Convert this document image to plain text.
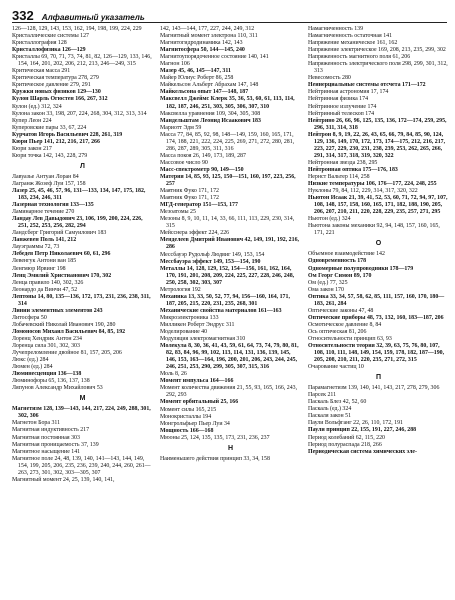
332 Алфавитный указатель
126—128, 129, 143, 153, 162, 194, 198, 199, 224, 229
Кристаллические системы 127
Кристаллография 128
Кристаллофизика 126—129
Кристаллы 69, 70, 71, 73, 74, 81, 82, 126—129, 133, 146, 154, 164, 201, 202, 206, 212, 213, 246—249, 315
Критическая масса 291
Критическая температура 278, 279
Критическое давление 279, 291
Кружки новых физиков 129—130
Кулон Шарль Огюстен 166, 267, 312
Кулон (ед.) 312, 324
Кулона закон 33, 198, 207, 224, 268, 304, 312, 313, 314
Купер Леон 224
Куперовские пары 33, 67, 224
Курчатов Игорь Васильевич 228, 261, 319
Кюри Пьер 141, 212, 216, 217, 266
Кюри закон 217
Кюри точка 142, 143, 228, 279
Л
Лавуазье Антуан Лоран 84
Лагранж Жозеф Луи 157, 158
Лазер 25, 45, 46, 57, 96, 131—133, 134, 147, 175, 182, 183, 234, 246, 311
Лазерная технология 133—135
Ламинарное течение 270
Ландау Лев Давыдович 23, 106, 199, 200, 224, 226, 251, 252, 253, 256, 282, 294
Ландсберг Григорий Самуилович 183
Ланжевен Поль 141, 212
Лауэграммы 72, 73
Лебедев Петр Николаевич 60, 61, 296
Левенгук Антони ван 185
Ленгмюр Ирвинг 198
Ленц Эмилий Христианович 170, 302
Ленца правило 140, 302, 326
Леонардо да Винчи 47, 52
Лептоны 14, 80, 135—136, 172, 173, 231, 236, 238, 311, 314
Линии элементных элементов 243
Литосфера 50
Лобачевский Николай Иванович 190, 280
Ломоносов Михаил Васильевич 84, 85, 192
Лоренц Хендрик Антон 234
Лоренца сила 301, 302, 303
Лучепреломление двойное 81, 157, 205, 206
Люкс (ед.) 284
Люмен (ед.) 284
Люминесценция 136—138
Люминофоры 65, 136, 137, 138
Ляпунов Александр Михайлович 53
М
Магнетизм 128, 139—143, 144, 217, 224, 249, 288, 301, 302, 306
Магнетон Бора 311
Магнитная индуктивность 217
Магнитная постоянная 303
Магнитная проницаемость 37, 139
Магнитное насыщение 141
Магнитное поле 24, 48, 139, 140, 141—143, 144, 149, 154, 199, 205, 206, 235, 236, 239, 240, 244, 260, 261—263, 273, 301, 302, 303—305, 307
Магнитный момент 24, 25, 139, 140, 141,
142, 143—144, 177, 227, 244, 249, 312
Магнитный момент электрона 110, 311
Магнитогидродинамика 142, 143
Магнитосфера 50, 144—145, 240
Магнитоупорядоченное состояние 140, 141
Магнон 106
Мазер 45, 46, 145—147, 311
Майер Юлиус Роберт 86, 258
Майкельсон Альберт Абрахам 147, 148
Майкельсона опыт 147—148, 187
Максвелл Джеймс Клерк 35, 36, 53, 60, 61, 113, 114, 182, 187, 246, 251, 303, 305, 306, 307, 310
Максвелла уравнения 109, 304, 305, 308
Мандельштам Леонид Исаакович 183
Мариотт Эдм 59
Масса 77, 84, 85, 92, 98, 148—149, 159, 160, 165, 171, 174, 188, 221, 222, 224, 225, 269, 271, 272, 280, 281, 286, 287, 289, 305, 311, 316
Масса покоя 26, 149, 173, 189, 287
Массовое число 90
Масс-спектрометр 90, 149—150
Материя 14, 85, 93, 125, 150—151, 160, 197, 223, 256, 257
Маятник Фуко 171, 172
Маятник Фуко 171, 172
МГД-генератор 151—153, 177
Мезоатомы 25
Мезоны 8, 9, 10, 11, 14, 33, 66, 111, 113, 229, 230, 314, 315
Мейсснера эффект 224, 226
Менделеев Дмитрий Иванович 42, 149, 191, 192, 216, 286
Мессбауэр Рудольф Людвиг 149, 153, 154
Мессбауэра эффект 149, 153—154, 190
Металлы 14, 128, 129, 152, 154—156, 161, 162, 164, 170, 191, 201, 208, 209, 224, 225, 227, 228, 246, 248, 250, 258, 302, 303, 307
Метрология 192
Механика 13, 33, 50, 52, 77, 94, 156—160, 164, 171, 187, 205, 215, 220, 231, 235, 268, 301
Механические свойства материалов 161—163
Микроэлектроника 133
Милликен Роберт Эндрус 311
Моделирование 40
Модуляция электромагнитная 310
Молекула 8, 30, 36, 41, 43, 59, 61, 64, 73, 74, 79, 80, 81, 82, 83, 84, 96, 99, 102, 113, 114, 131, 136, 139, 145, 146, 153, 163—164, 196, 200, 201, 206, 243, 244, 245, 246, 251, 253, 290, 299, 305, 307, 315, 316
Моль 8, 26
Момент импульса 164—166
Момент количества движения 21, 55, 93, 165, 166, 243, 292, 293
Момент орбитальный 25, 166
Момент силы 165, 215
Монокристаллы 194
Монгрольфьер Пьер Луи 34
Мощность 166—168
Мюоны 25, 124, 135, 135, 173, 231, 236, 237
Н
Наименьшего действия принцип 33, 34, 158
Намагниченность 139
Намагниченность остаточная 141
Напряжение механическое 161, 162
Напряжение электрическое 169, 208, 213, 235, 299, 302
Напряженность магнитного поля 61, 206
Напряженность электрического поля 298, 299, 301, 312, 313
Невесомость 280
Неинерциальные системы отсчета 171—172
Нейтринная астрономия 17, 174
Нейтринная физика 174
Нейтринное излучение 174
Нейтринный телескоп 174
Нейтрино 26, 66, 96, 125, 135, 136, 172—174, 259, 295, 296, 311, 314, 318
Нейтрон 8, 9, 19, 22, 26, 43, 65, 66, 79, 84, 85, 90, 124, 129, 136, 149, 170, 172, 173, 174—175, 212, 216, 217, 223, 227, 229, 230, 231, 238, 239, 253, 262, 265, 266, 291, 314, 317, 318, 319, 320, 322
Нейтронная звезда 238, 295
Нейтронная оптика 175—176, 183
Нернст Вальтер 114, 258
Низкие температуры 106, 176—177, 224, 248, 255
Нуклоны 79, 84, 112, 229, 314, 317, 320, 322
Ньютон Исаак 21, 39, 41, 52, 53, 60, 71, 72, 94, 97, 107, 108, 148, 157, 158, 160, 165, 171, 182, 188, 190, 205, 206, 207, 210, 211, 220, 228, 229, 235, 257, 271, 295
Ньютон (ед.) 324
Ньютона законы механики 92, 94, 148, 157, 160, 165, 171, 221
О
Объемное взаимодействие 142
Одновременность 178
Одномерные полупроводники 178—179
Ом Георг Симон 89, 170
Ом (ед.) 77, 325
Ома закон 170
Оптика 33, 34, 57, 58, 62, 85, 111, 157, 160, 170, 180—183, 261, 284
Оптические законы 47, 48
Оптические приборы 48, 73, 132, 160, 183—187, 206
Осмотическое давление 8, 84
Ось оптическая 81, 206
Относительности принцип 63, 93
Относительности теория 32, 39, 63, 75, 76, 80, 107, 108, 110, 111, 148, 149, 154, 159, 178, 182, 187—190, 205, 208, 210, 211, 220, 235, 271, 272, 315
Очарование частиц 10
П
Парамагнетизм 139, 140, 141, 143, 217, 278, 279, 306
Парсек 211
Паскаль Блез 42, 52, 60
Паскаль (ед.) 324
Паскаля закон 51
Паули Вольфганг 22, 26, 110, 172, 191
Паули принцип 22, 155, 191, 227, 246, 288
Период колебаний 62, 115, 220
Период полураспада 218, 266
Периодическая система химических эле-
